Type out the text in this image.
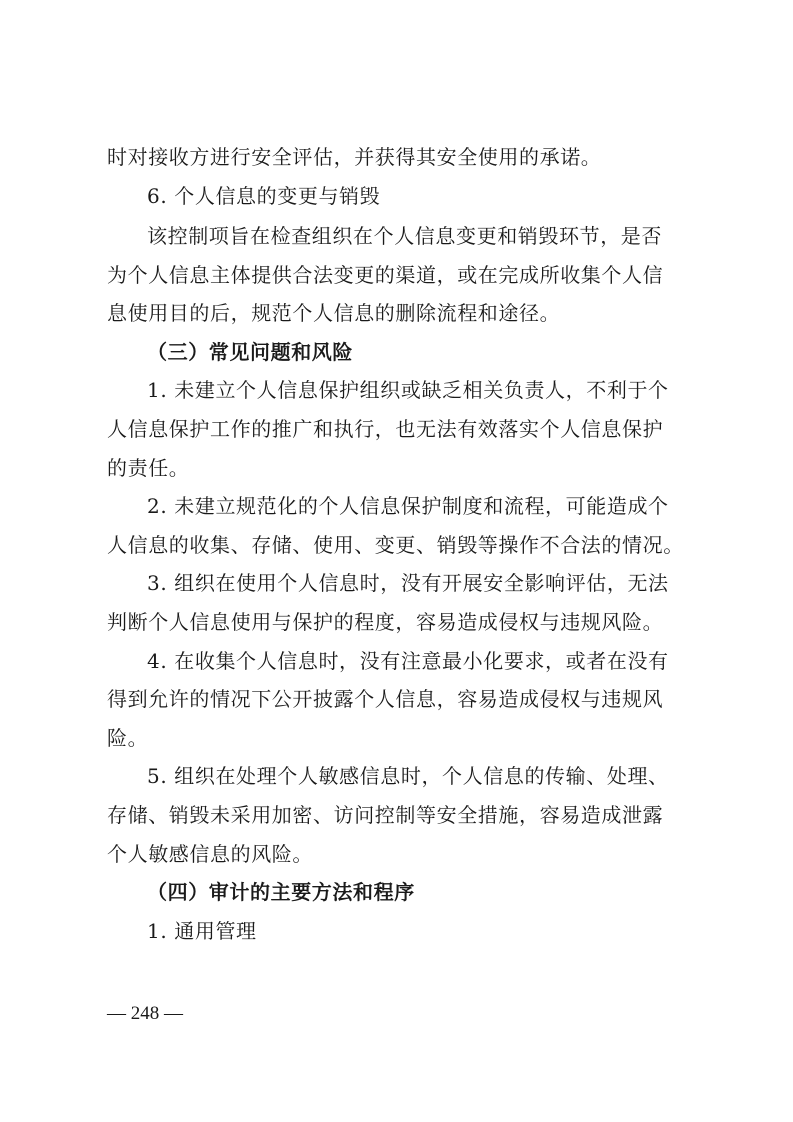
时对接收方进行安全评估，并获得其安全使用的承诺。
6. 个人信息的变更与销毁
该控制项旨在检查组织在个人信息变更和销毁环节，是否
为个人信息主体提供合法变更的渠道，或在完成所收集个人信
息使用目的后，规范个人信息的删除流程和途径。
（三）常见问题和风险
1. 未建立个人信息保护组织或缺乏相关负责人，不利于个
人信息保护工作的推广和执行，也无法有效落实个人信息保护
的责任。
2. 未建立规范化的个人信息保护制度和流程，可能造成个
人信息的收集、存储、使用、变更、销毁等操作不合法的情况。
3. 组织在使用个人信息时，没有开展安全影响评估，无法
判断个人信息使用与保护的程度，容易造成侵权与违规风险。
4. 在收集个人信息时，没有注意最小化要求，或者在没有
得到允许的情况下公开披露个人信息，容易造成侵权与违规风
险。
5. 组织在处理个人敏感信息时，个人信息的传输、处理、
存储、销毁未采用加密、访问控制等安全措施，容易造成泄露
个人敏感信息的风险。
（四）审计的主要方法和程序
1. 通用管理
— 248 —
